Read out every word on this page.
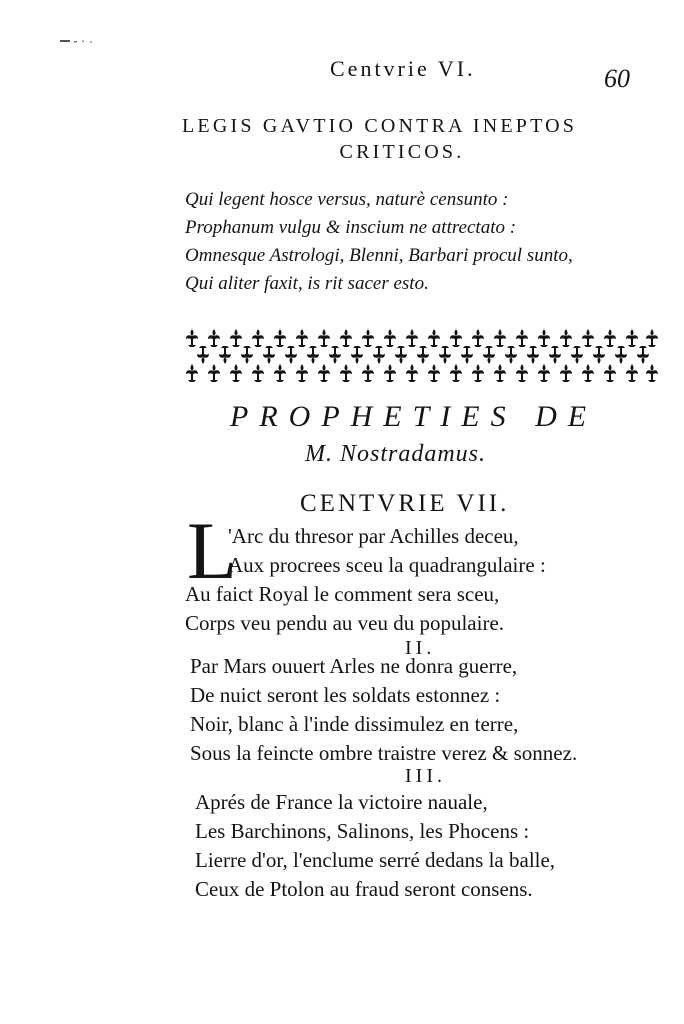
Centvrie VI.	60
LEGIS GAVTIO CONTRA INEPTOS
CRITICOS.
Qui legent hosce versus, naturè censunto :
Prophanum vulgu & inscium ne attrectato :
Omnesque Astrologi, Blenni, Barbari procul sunto,
Qui aliter faxit, is rit sacer esto.
PROPHETIES DE
M. Nostradamus.
CENTVRIE VII.
L
'Arc du thresor par Achilles deceu,
Aux procrees sceu la quadrangulaire :
Au faict Royal le comment sera sceu,
Corps veu pendu au veu du populaire.
II.
Par Mars ouuert Arles ne donra guerre,
De nuict seront les soldats estonnez :
Noir, blanc à l'inde dissimulez en terre,
Sous la feincte ombre traistre verez & sonnez.
III.
Aprés de France la victoire nauale,
Les Barchinons, Salinons, les Phocens :
Lierre d'or, l'enclume serré dedans la balle,
Ceux de Ptolon au fraud seront consens.
